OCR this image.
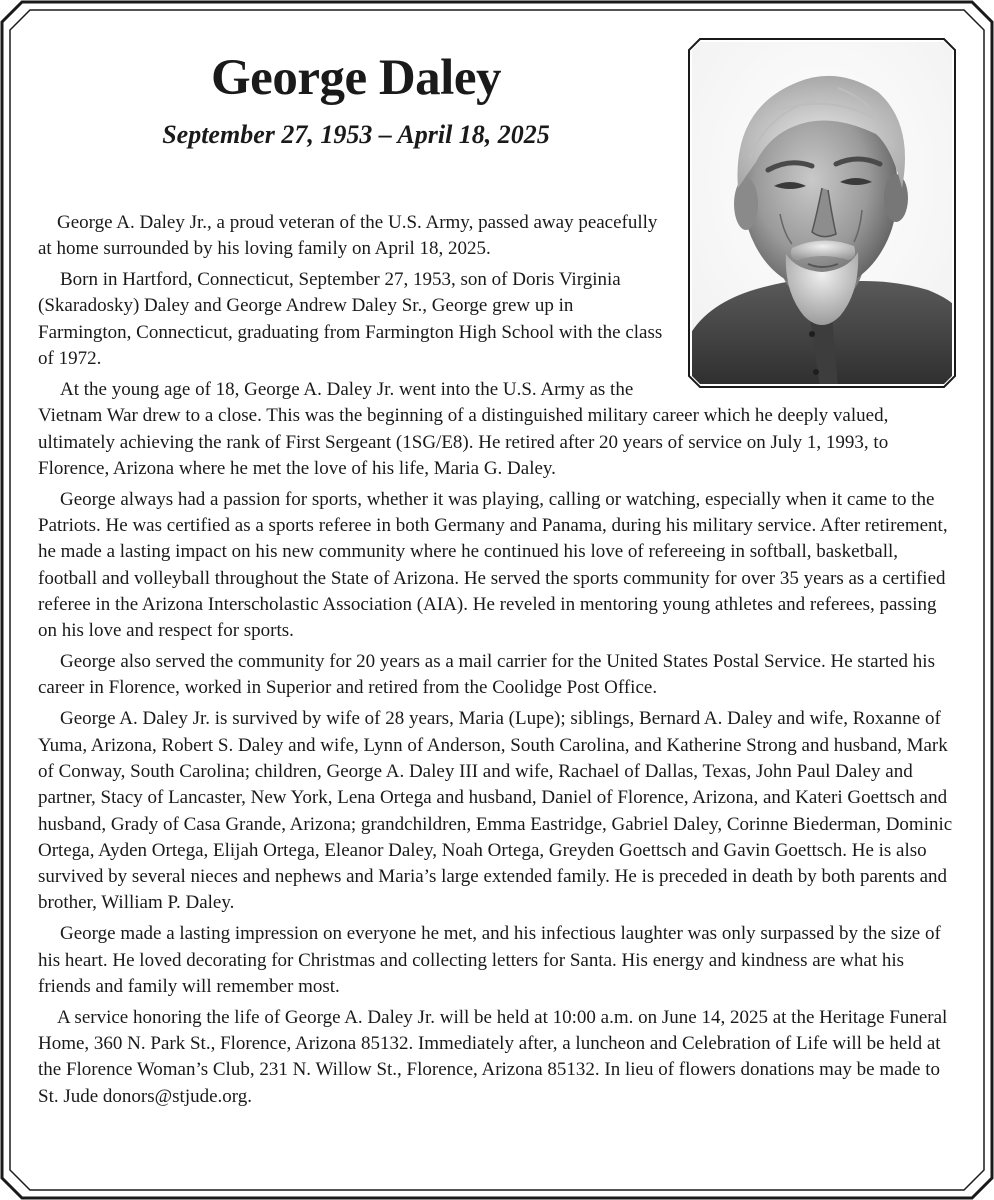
George Daley
September 27, 1953 – April 18, 2025

George A. Daley Jr., a proud veteran of the U.S. Army, passed away peacefully at home surrounded by his loving family on April 18, 2025.

Born in Hartford, Connecticut, September 27, 1953, son of Doris Virginia (Skaradosky) Daley and George Andrew Daley Sr., George grew up in Farmington, Connecticut, graduating from Farmington High School with the class of 1972.

At the young age of 18, George A. Daley Jr. went into the U.S. Army as the Vietnam War drew to a close. This was the beginning of a distinguished military career which he deeply valued, ultimately achieving the rank of First Sergeant (1SG/E8). He retired after 20 years of service on July 1, 1993, to Florence, Arizona where he met the love of his life, Maria G. Daley.

George always had a passion for sports, whether it was playing, calling or watching, especially when it came to the Patriots. He was certified as a sports referee in both Germany and Panama, during his military service. After retirement, he made a lasting impact on his new community where he continued his love of refereeing in softball, basketball, football and volleyball throughout the State of Arizona. He served the sports community for over 35 years as a certified referee in the Arizona Interscholastic Association (AIA). He reveled in mentoring young athletes and referees, passing on his love and respect for sports.

George also served the community for 20 years as a mail carrier for the United States Postal Service. He started his career in Florence, worked in Superior and retired from the Coolidge Post Office.

George A. Daley Jr. is survived by wife of 28 years, Maria (Lupe); siblings, Bernard A. Daley and wife, Roxanne of Yuma, Arizona, Robert S. Daley and wife, Lynn of Anderson, South Carolina, and Katherine Strong and husband, Mark of Conway, South Carolina; children, George A. Daley III and wife, Rachael of Dallas, Texas, John Paul Daley and partner, Stacy of Lancaster, New York, Lena Ortega and husband, Daniel of Florence, Arizona, and Kateri Goettsch and husband, Grady of Casa Grande, Arizona; grandchildren, Emma Eastridge, Gabriel Daley, Corinne Biederman, Dominic Ortega, Ayden Ortega, Elijah Ortega, Eleanor Daley, Noah Ortega, Greyden Goettsch and Gavin Goettsch. He is also survived by several nieces and nephews and Maria’s large extended family. He is preceded in death by both parents and brother, William P. Daley.

George made a lasting impression on everyone he met, and his infectious laughter was only surpassed by the size of his heart. He loved decorating for Christmas and collecting letters for Santa. His energy and kindness are what his friends and family will remember most.

A service honoring the life of George A. Daley Jr. will be held at 10:00 a.m. on June 14, 2025 at the Heritage Funeral Home, 360 N. Park St., Florence, Arizona 85132. Immediately after, a luncheon and Celebration of Life will be held at the Florence Woman’s Club, 231 N. Willow St., Florence, Arizona 85132. In lieu of flowers donations may be made to St. Jude donors@stjude.org.
